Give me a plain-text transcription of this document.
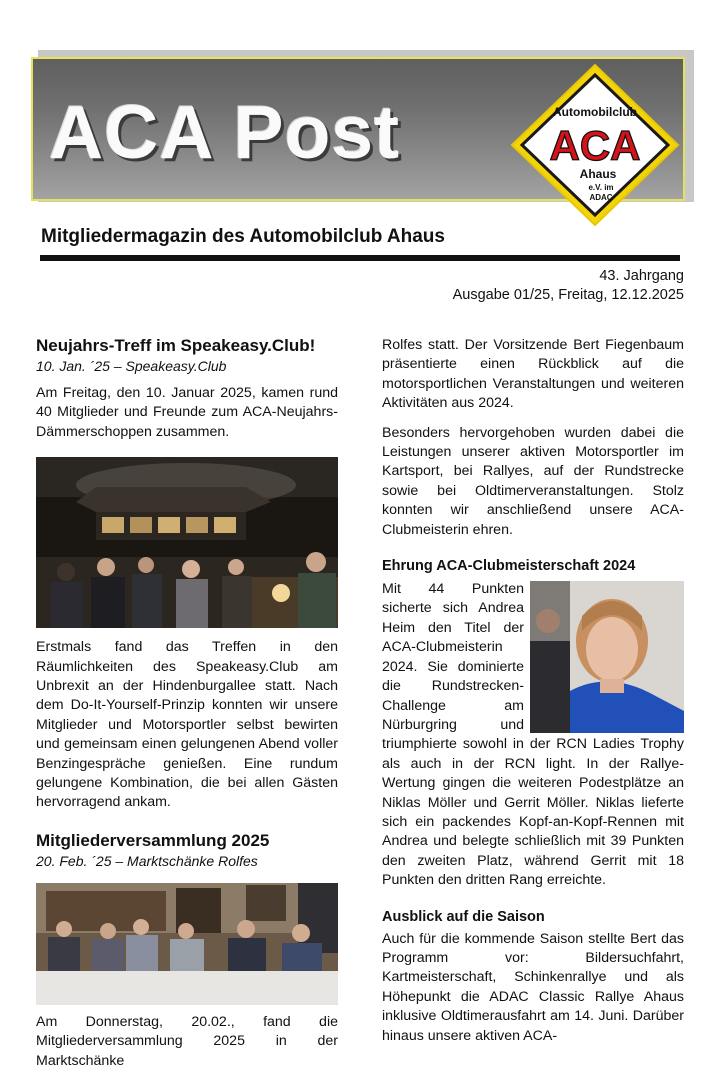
ACA Post	Automobilclub
ACA
Ahaus
e.V. im
ADAC
Mitgliedermagazin des Automobilclub Ahaus
43. Jahrgang
Ausgabe 01/25, Freitag, 12.12.2025
Neujahrs-Treff im Speakeasy.Club!
10. Jan. ´25 – Speakeasy.Club

Am Freitag, den 10. Januar 2025, kamen rund 40 Mitglieder und Freunde zum ACA-Neujahrs-Dämmerschoppen zusammen.

Erstmals fand das Treffen in den Räumlichkeiten des Speakeasy.Club am Unbrexit an der Hindenburgallee statt. Nach dem Do-It-Yourself-Prinzip konnten wir unsere Mitglieder und Motorsportler selbst bewirten und gemeinsam einen gelungenen Abend voller Benzingespräche genießen. Eine rundum gelungene Kombination, die bei allen Gästen hervorragend ankam.

Mitgliederversammlung 2025
20. Feb. ´25 – Marktschänke Rolfes

Am Donnerstag, 20.02., fand die Mitgliederversammlung 2025 in der Marktschänke

Rolfes statt. Der Vorsitzende Bert Fiegenbaum präsentierte einen Rückblick auf die motorsportlichen Veranstaltungen und weiteren Aktivitäten aus 2024.

Besonders hervorgehoben wurden dabei die Leistungen unserer aktiven Motorsportler im Kartsport, bei Rallyes, auf der Rundstrecke sowie bei Oldtimerveranstaltungen. Stolz konnten wir anschließend unsere ACA-Clubmeisterin ehren.

Ehrung ACA-Clubmeisterschaft 2024

Mit 44 Punkten sicherte sich Andrea Heim den Titel der ACA-Clubmeisterin 2024. Sie dominierte die Rundstrecken-Challenge am Nürburgring und triumphierte sowohl in der RCN Ladies Trophy als auch in der RCN light. In der Rallye-Wertung gingen die weiteren Podestplätze an Niklas Möller und Gerrit Möller. Niklas lieferte sich ein packendes Kopf-an-Kopf-Rennen mit Andrea und belegte schließlich mit 39 Punkten den zweiten Platz, während Gerrit mit 18 Punkten den dritten Rang erreichte.

Ausblick auf die Saison

Auch für die kommende Saison stellte Bert das Programm vor: Bildersuchfahrt, Kartmeisterschaft, Schinkenrallye und als Höhepunkt die ADAC Classic Rallye Ahaus inklusive Oldtimerausfahrt am 14. Juni. Darüber hinaus unsere aktiven ACA-
